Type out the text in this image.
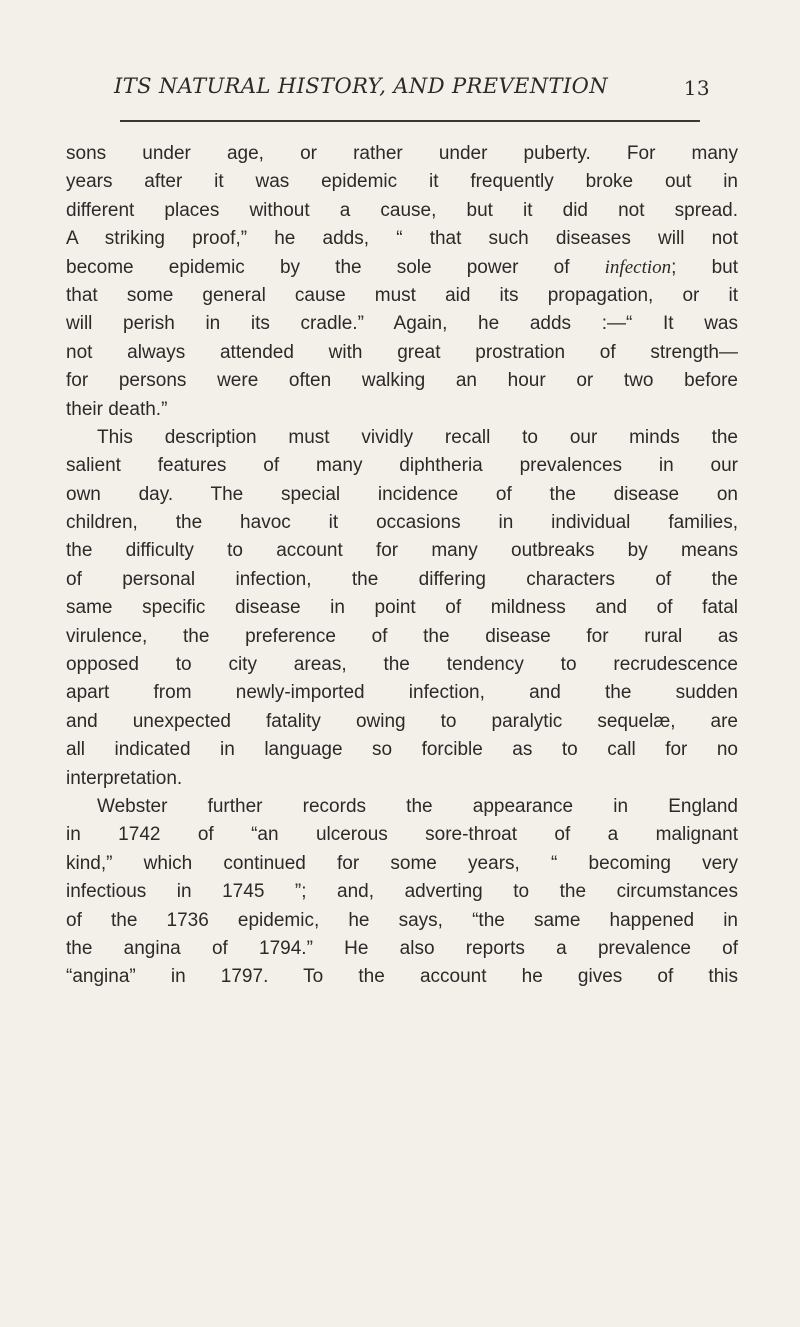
ITS NATURAL HISTORY, AND PREVENTION	13
sons under age, or rather under puberty. For many
years after it was epidemic it frequently broke out in
different places without a cause, but it did not spread.
A striking proof,” he adds, “ that such diseases will not
become epidemic by the sole power of infection; but
that some general cause must aid its propagation, or it
will perish in its cradle.” Again, he adds :—“ It was
not always attended with great prostration of strength—
for persons were often walking an hour or two before
their death.”
This description must vividly recall to our minds the
salient features of many diphtheria prevalences in our
own day. The special incidence of the disease on
children, the havoc it occasions in individual families,
the difficulty to account for many outbreaks by means
of personal infection, the differing characters of the
same specific disease in point of mildness and of fatal
virulence, the preference of the disease for rural as
opposed to city areas, the tendency to recrudescence
apart from newly-imported infection, and the sudden
and unexpected fatality owing to paralytic sequelæ, are
all indicated in language so forcible as to call for no
interpretation.
Webster further records the appearance in England
in 1742 of “an ulcerous sore-throat of a malignant
kind,” which continued for some years, “ becoming very
infectious in 1745 ”; and, adverting to the circumstances
of the 1736 epidemic, he says, “the same happened in
the angina of 1794.” He also reports a prevalence of
“angina” in 1797. To the account he gives of this
